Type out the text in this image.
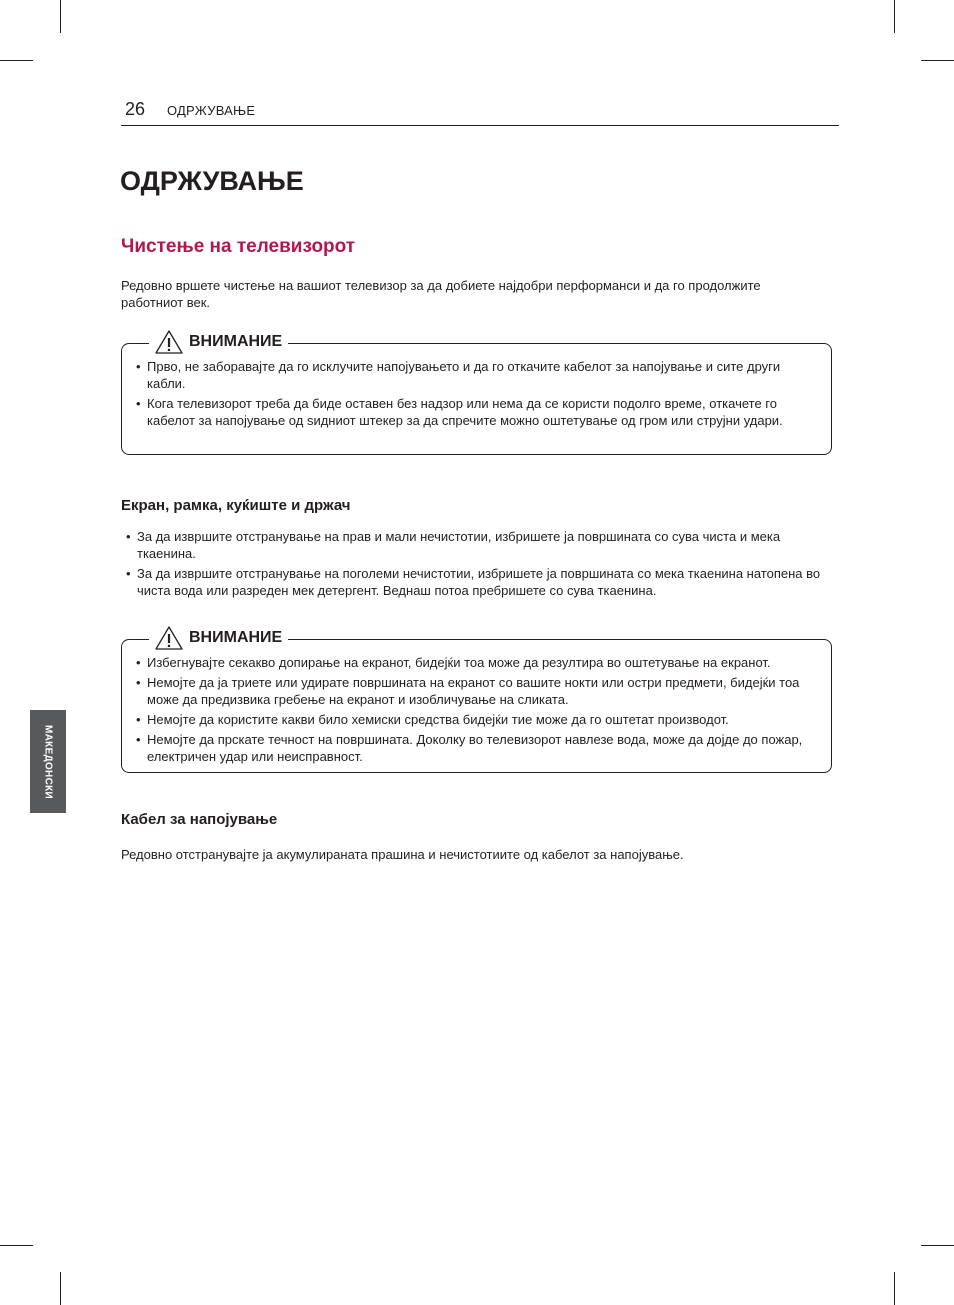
26 ОДРЖУВАЊЕ
ОДРЖУВАЊЕ
Чистење на телевизорот

Редовно вршете чистење на вашиот телевизор за да добиете најдобри перформанси и да го продолжите работниот век.

ВНИМАНИЕ
• Прво, не заборавајте да го исклучите напојувањето и да го откачите кабелот за напојување и сите други кабли.
• Кога телевизорот треба да биде оставен без надзор или нема да се користи подолго време, откачете го кабелот за напојување од ѕидниот штекер за да спречите можно оштетување од гром или струјни удари.
Екран, рамка, куќиште и држач
• За да извршите отстранување на прав и мали нечистотии, избришете ја површината со сува чиста и мека ткаенина.
• За да извршите отстранување на поголеми нечистотии, избришете ја површината со мека ткаенина натопена во чиста вода или разреден мек детергент. Веднаш потоа пребришете со сува ткаенина.
ВНИМАНИЕ
• Избегнувајте секакво допирање на екранот, бидејќи тоа може да резултира во оштетување на екранот.
• Немојте да ја триете или удирате површината на екранот со вашите нокти или остри предмети, бидејќи тоа може да предизвика гребење на екранот и изобличување на сликата.
• Немојте да користите какви било хемиски средства бидејќи тие може да го оштетат производот.
• Немојте да прскате течност на површината. Доколку во телевизорот навлезе вода, може да дојде до пожар, електричен удар или неисправност.
Кабел за напојување

Редовно отстранувајте ја акумулираната прашина и нечистотиите од кабелот за напојување.

МАКЕДОНСКИ
